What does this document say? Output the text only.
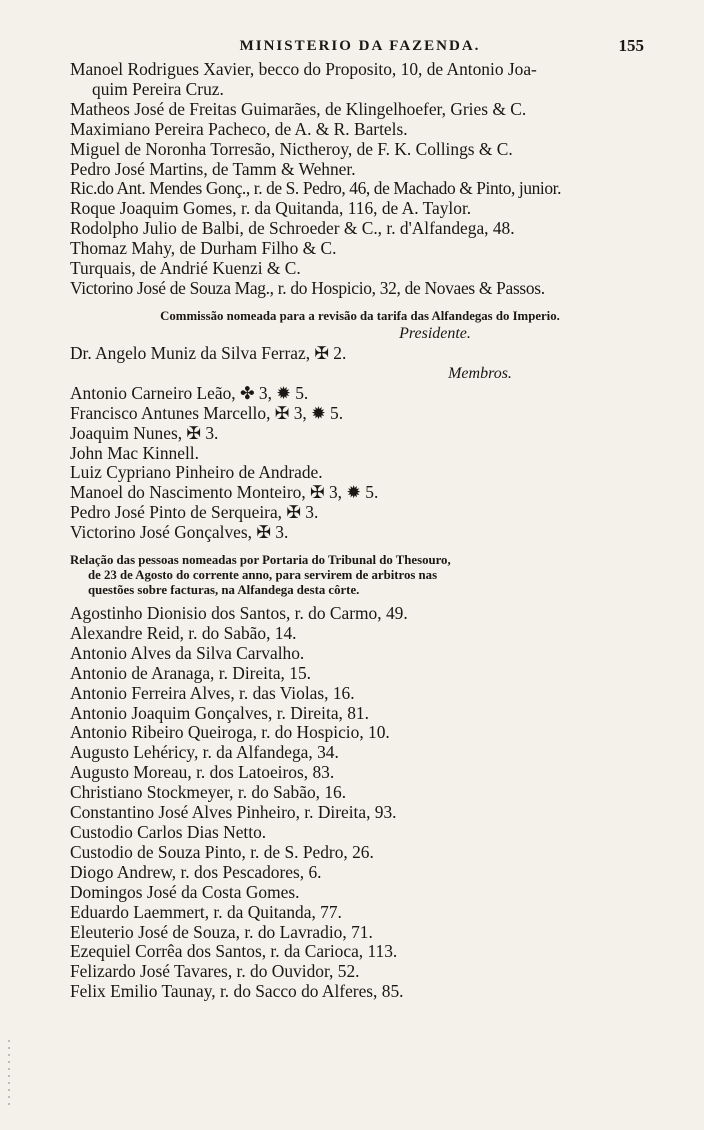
MINISTERIO DA FAZENDA.	155
Manoel Rodrigues Xavier, becco do Proposito, 10, de Antonio Joa-
quim Pereira Cruz.
Matheos José de Freitas Guimarães, de Klingelhoefer, Gries & C.
Maximiano Pereira Pacheco, de A. & R. Bartels.
Miguel de Noronha Torresão, Nictheroy, de F. K. Collings & C.
Pedro José Martins, de Tamm & Wehner.
Ric.do Ant. Mendes Gonç., r. de S. Pedro, 46, de Machado & Pinto, junior.
Roque Joaquim Gomes, r. da Quitanda, 116, de A. Taylor.
Rodolpho Julio de Balbi, de Schroeder & C., r. d'Alfandega, 48.
Thomaz Mahy, de Durham Filho & C.
Turquais, de Andrié Kuenzi & C.
Victorino José de Souza Mag., r. do Hospicio, 32, de Novaes & Passos.
Commissão nomeada para a revisão da tarifa das Alfandegas do Imperio.
Presidente.
Dr. Angelo Muniz da Silva Ferraz, ✠ 2.
Membros.
Antonio Carneiro Leão, ✤ 3, ✹ 5.
Francisco Antunes Marcello, ✠ 3, ✹ 5.
Joaquim Nunes, ✠ 3.
John Mac Kinnell.
Luiz Cypriano Pinheiro de Andrade.
Manoel do Nascimento Monteiro, ✠ 3, ✹ 5.
Pedro José Pinto de Serqueira, ✠ 3.
Victorino José Gonçalves, ✠ 3.
Relação das pessoas nomeadas por Portaria do Tribunal do Thesouro,
de 23 de Agosto do corrente anno, para servirem de arbitros nas
questões sobre facturas, na Alfandega desta côrte.
Agostinho Dionisio dos Santos, r. do Carmo, 49.
Alexandre Reid, r. do Sabão, 14.
Antonio Alves da Silva Carvalho.
Antonio de Aranaga, r. Direita, 15.
Antonio Ferreira Alves, r. das Violas, 16.
Antonio Joaquim Gonçalves, r. Direita, 81.
Antonio Ribeiro Queiroga, r. do Hospicio, 10.
Augusto Lehéricy, r. da Alfandega, 34.
Augusto Moreau, r. dos Latoeiros, 83.
Christiano Stockmeyer, r. do Sabão, 16.
Constantino José Alves Pinheiro, r. Direita, 93.
Custodio Carlos Dias Netto.
Custodio de Souza Pinto, r. de S. Pedro, 26.
Diogo Andrew, r. dos Pescadores, 6.
Domingos José da Costa Gomes.
Eduardo Laemmert, r. da Quitanda, 77.
Eleuterio José de Souza, r. do Lavradio, 71.
Ezequiel Corrêa dos Santos, r. da Carioca, 113.
Felizardo José Tavares, r. do Ouvidor, 52.
Felix Emilio Taunay, r. do Sacco do Alferes, 85.
